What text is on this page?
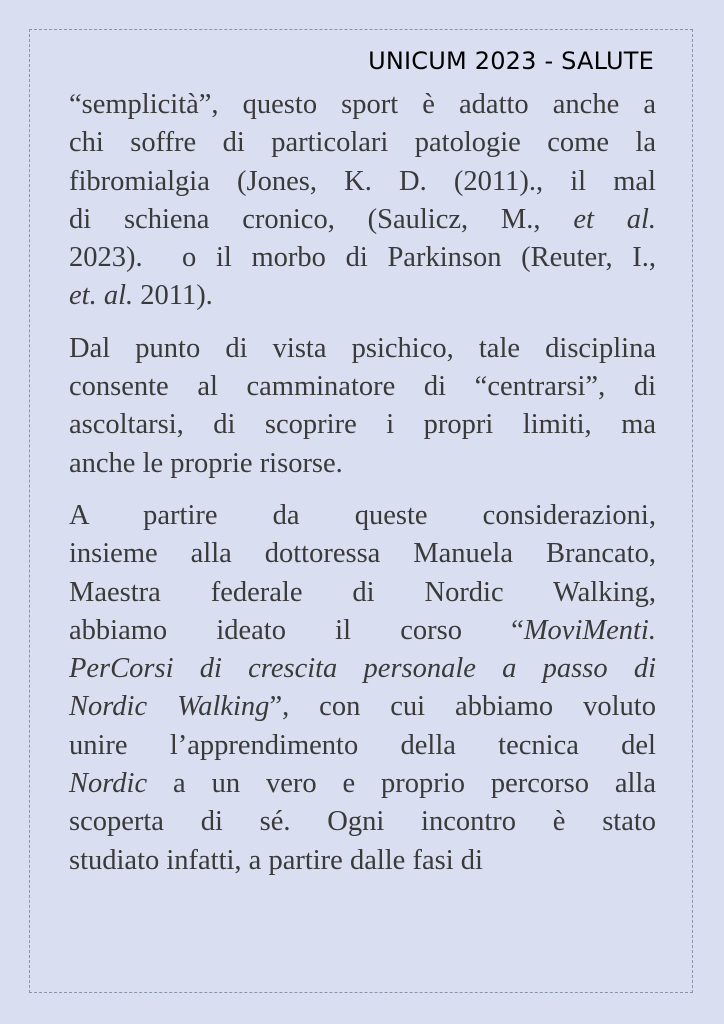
UNICUM 2023 - SALUTE
“semplicità”, questo sport è adatto anche a
chi soffre di particolari patologie come la
fibromialgia (Jones, K. D. (2011)., il mal
di schiena cronico, (Saulicz, M., et al.
2023).  o il morbo di Parkinson (Reuter, I.,
et. al. 2011).
Dal punto di vista psichico, tale disciplina
consente al camminatore di “centrarsi”, di
ascoltarsi, di scoprire i propri limiti, ma
anche le proprie risorse.
A partire da queste considerazioni,
insieme alla dottoressa Manuela Brancato,
Maestra federale di Nordic Walking,
abbiamo ideato il corso “MoviMenti.
PerCorsi di crescita personale a passo di
Nordic Walking”, con cui abbiamo voluto
unire l’apprendimento della tecnica del
Nordic a un vero e proprio percorso alla
scoperta di sé. Ogni incontro è stato
studiato infatti, a partire dalle fasi di
